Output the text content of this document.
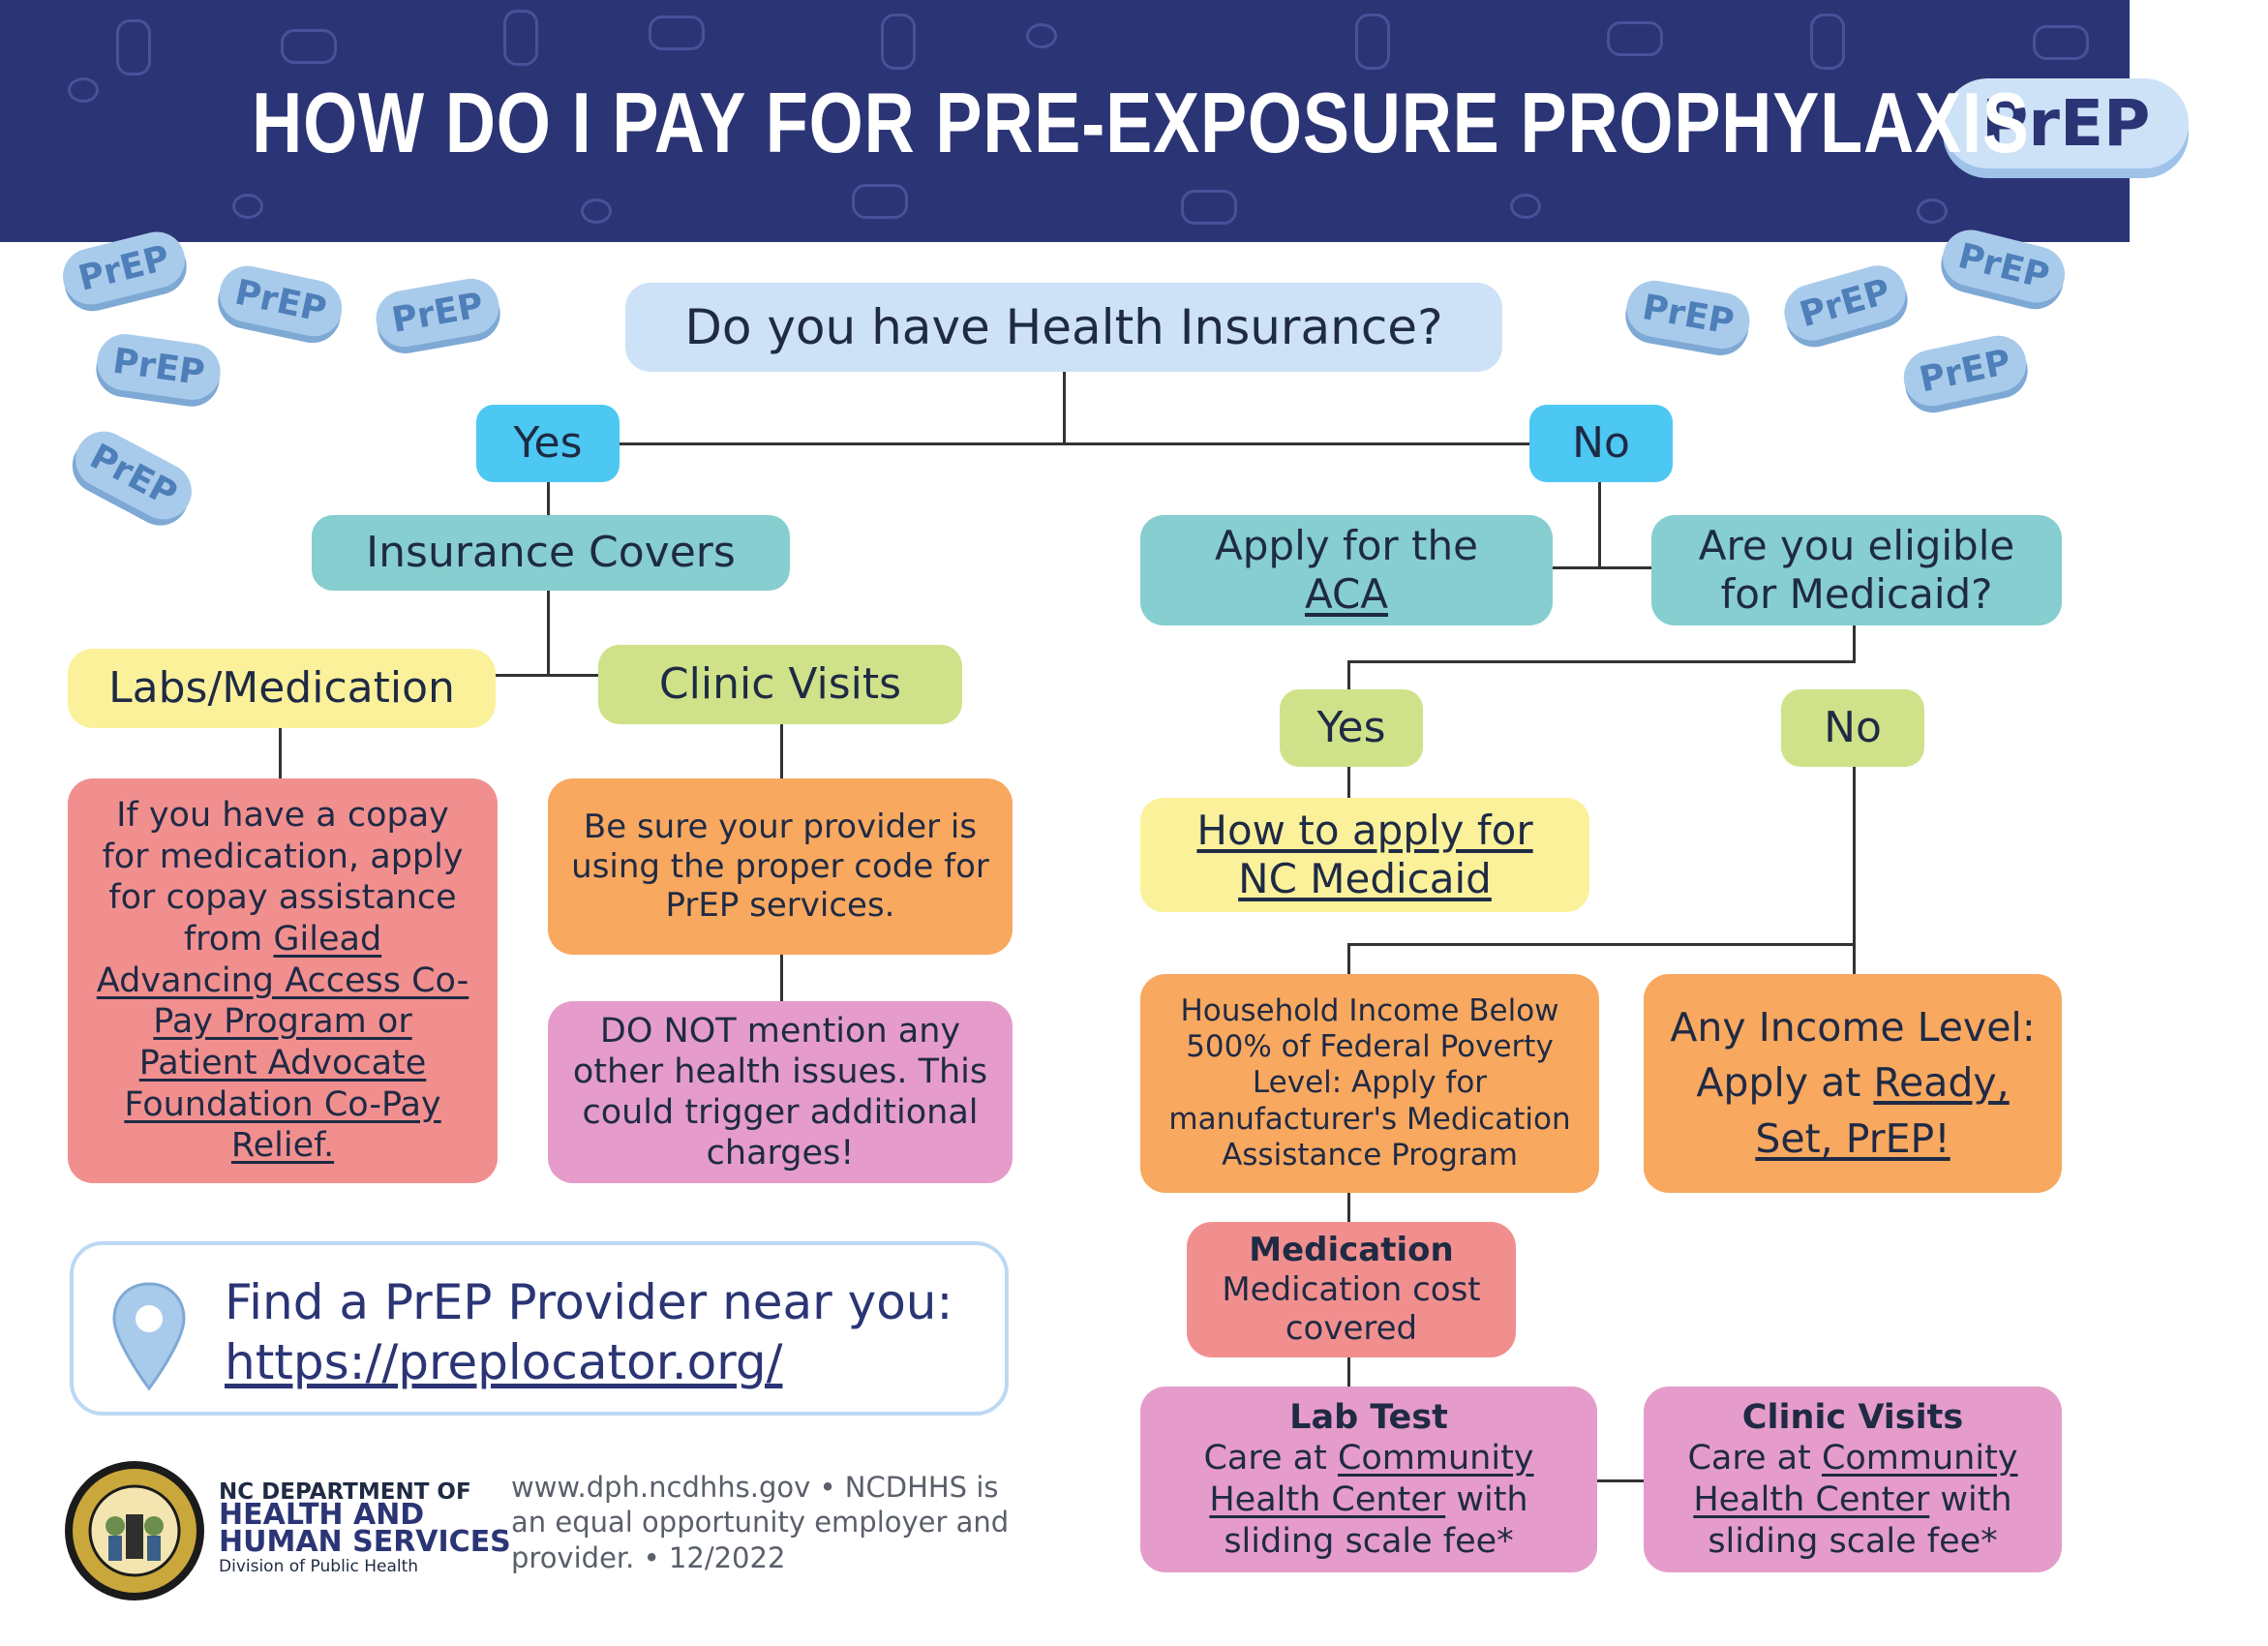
HOW DO I PAY FOR PRE-EXPOSURE PROPHYLAXIS
PrEP ?
PrEP
PrEP	PrEP
PrEP
PrEP
PrEP	PrEP
PrEP
PrEP
Do you have Health Insurance?
Yes	No
Insurance Covers
Labs/Medication	Clinic Visits
If you have a copay for medication, apply for copay assistance from Gilead Advancing Access Co-Pay Program or Patient Advocate Foundation Co-Pay Relief.
Be sure your provider is using the proper code for PrEP services.
DO NOT mention any other health issues. This could trigger additional charges!
Apply for the
ACA
Are you eligible for Medicaid?
Yes	No
How to apply for NC Medicaid
Household Income Below 500% of Federal Poverty Level: Apply for manufacturer's Medication Assistance Program
Any Income Level: Apply at Ready, Set, PrEP!
Medication
Medication cost covered
Lab Test
Care at Community Health Center with sliding scale fee*
Clinic Visits
Care at Community Health Center with sliding scale fee*
Find a PrEP Provider near you:
https://preplocator.org/
NC DEPARTMENT OF
HEALTH AND
HUMAN SERVICES
Division of Public Health
www.dph.ncdhhs.gov • NCDHHS is an equal opportunity employer and provider. • 12/2022
